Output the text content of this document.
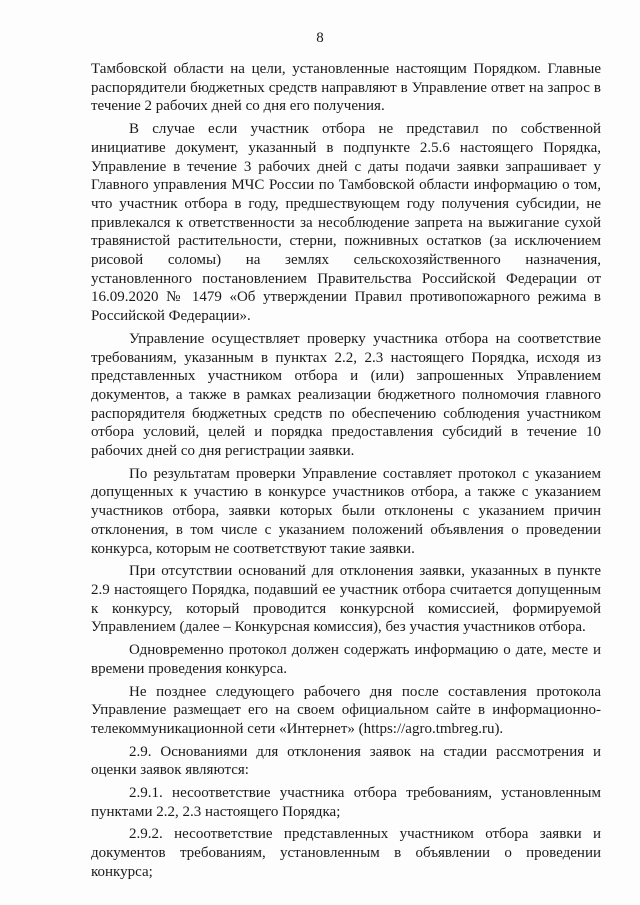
8

Тамбовской области на цели, установленные настоящим Порядком. Главные распорядители бюджетных средств направляют в Управление ответ на запрос в течение 2 рабочих дней со дня его получения.

В случае если участник отбора не представил по собственной инициативе документ, указанный в подпункте 2.5.6 настоящего Порядка, Управление в течение 3 рабочих дней с даты подачи заявки запрашивает у Главного управления МЧС России по Тамбовской области информацию о том, что участник отбора в году, предшествующем году получения субсидии, не привлекался к ответственности за несоблюдение запрета на выжигание сухой травянистой растительности, стерни, пожнивных остатков (за исключением рисовой соломы) на землях сельскохозяйственного назначения, установленного постановлением Правительства Российской Федерации от 16.09.2020 № 1479 «Об утверждении Правил противопожарного режима в Российской Федерации».

Управление осуществляет проверку участника отбора на соответствие требованиям, указанным в пунктах 2.2, 2.3 настоящего Порядка, исходя из представленных участником отбора и (или) запрошенных Управлением документов, а также в рамках реализации бюджетного полномочия главного распорядителя бюджетных средств по обеспечению соблюдения участником отбора условий, целей и порядка предоставления субсидий в течение 10 рабочих дней со дня регистрации заявки.

По результатам проверки Управление составляет протокол с указанием допущенных к участию в конкурсе участников отбора, а также с указанием участников отбора, заявки которых были отклонены с указанием причин отклонения, в том числе с указанием положений объявления о проведении конкурса, которым не соответствуют такие заявки.

При отсутствии оснований для отклонения заявки, указанных в пункте 2.9 настоящего Порядка, подавший ее участник отбора считается допущенным к конкурсу, который проводится конкурсной комиссией, формируемой Управлением (далее – Конкурсная комиссия), без участия участников отбора.

Одновременно протокол должен содержать информацию о дате, месте и времени проведения конкурса.

Не позднее следующего рабочего дня после составления протокола Управление размещает его на своем официальном сайте в информационно-телекоммуникационной сети «Интернет» (https://agro.tmbreg.ru).

2.9. Основаниями для отклонения заявок на стадии рассмотрения и оценки заявок являются:

2.9.1. несоответствие участника отбора требованиям, установленным пунктами 2.2, 2.3 настоящего Порядка;

2.9.2. несоответствие представленных участником отбора заявки и документов требованиям, установленным в объявлении о проведении конкурса;
